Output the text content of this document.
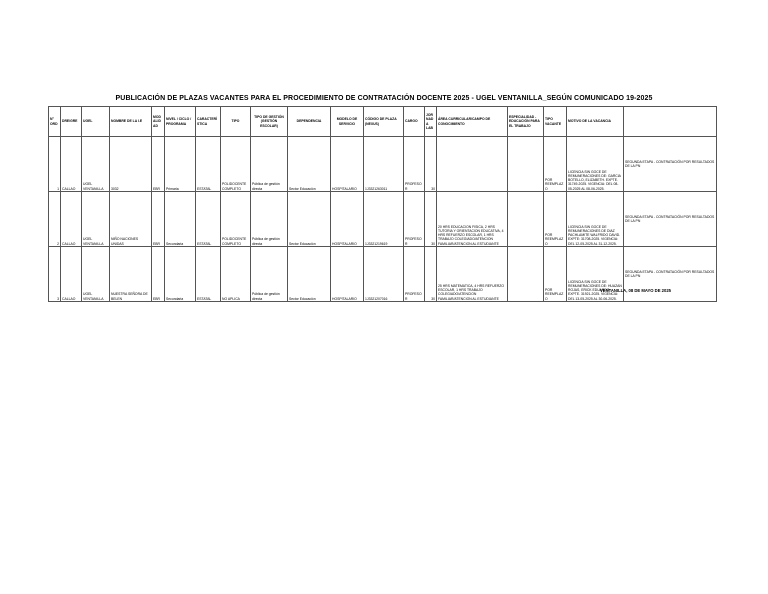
PUBLICACIÓN DE PLAZAS VACANTES PARA EL PROCEDIMIENTO DE CONTRATACIÓN DOCENTE 2025 - UGEL VENTANILLA_SEGÚN COMUNICADO 19-2025
N° ORD	DRE/GRE	UGEL	NOMBRE DE LA I.E	MODALIDAD	NIVEL / CICLO / PROGRAMA	CARACTERÍSTICA	TIPO	TIPO DE GESTIÓN (GESTIÓN ESCOLAR)	DEPENDENCIA	MODELO DE SERVICIO	CÓDIGO DE PLAZA (NEXUS)	CARGO	JORNADA LAB	ÁREA CURRICULAR/CAMPO DE CONOCIMIENTO	ESPECIALIDAD - EDUCACIÓN PARA EL TRABAJO	TIPO VACANTE	MOTIVO DE LA VACANCIA	
1	CALLAO	UGEL VENTANILLA	3032	EBR	Primaria	ESTATAL	POLIDOCENTE COMPLETO	Pública de gestión directa	Sector Educación	HOSPITALARIO	1J3321263011	PROFESOR	30			POR REEMPLAZO	LICENCIA SIN GOCE DE REMUNERACIONES DE: GARCIA BOTELLO, ELIZABETH. EXPTE. 31749-2025. VIGENCIA: DEL 08-05-2025 AL 08-06-2025.	SEGUNDA ETAPA - CONTRATACIÓN POR RESULTADOS DE LA PN
2	CALLAO	UGEL VENTANILLA	NIÑO NACIONES UNIDAS	EBR	Secundaria	ESTATAL	POLIDOCENTE COMPLETO	Pública de gestión directa	Sector Educación	HOSPITALARIO	1J3321219619	PROFESOR	30	20 HRS EDUCACION FISICA, 2 HRS TUTORIA Y ORIENTACION EDUCATIVA, 4 HRS REFUERZO ESCOLAR, 1 HRS TRABAJO COLEGIADO/ATENCION FAMILIAR/ATENCION AL ESTUDIANTE		POR REEMPLAZO	LICENCIA SIN GOCE DE REMUNERACIONES DE DIAZ PACHLAMITE WALFRIDO DAVID. EXPTE: 31708-2025. VIGENCIA: DEL 12-05-2025 AL 31-12-2025.	SEGUNDA ETAPA - CONTRATACIÓN POR RESULTADOS DE LA PN
3	CALLAO	UGEL VENTANILLA	NUESTRA SEÑORA DE BELEN	EBR	Secundaria	ESTATAL	NO APLICA	Pública de gestión directa	Sector Educación	HOSPITALARIO	1J3321207016	PROFESOR	30	25 HRS MATEMATICA, 4 HRS REFUERZO ESCOLAR, 1 HRS TRABAJO COLEGIADO/ATENCION FAMILIAR/ATENCION AL ESTUDIANTE		POR REEMPLAZO	LICENCIA SIN GOCE DE REMUNERACIONES DE: HUAZAN ROJAS, ERICK EDUARDO. EXPTE. 31921-2025. VIGENCIA: DEL 13-05-2025 AL 30-06-2025.	SEGUNDA ETAPA - CONTRATACIÓN POR RESULTADOS DE LA PN
VENTANILLA, 08 DE MAYO DE 2025
